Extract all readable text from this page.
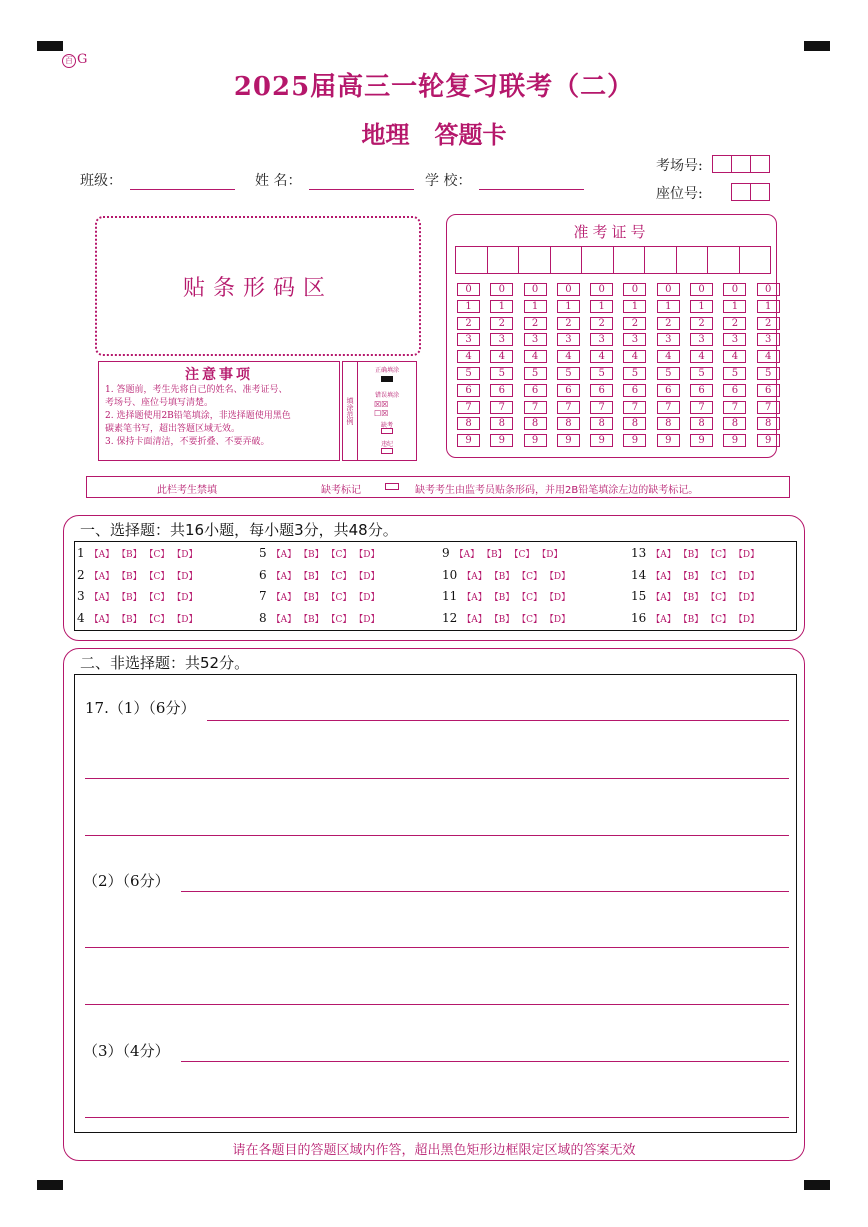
百 G
2025届高三一轮复习联考（二）
地理   答题卡
班级：	姓 名：	学 校：
考场号:
座位号:
贴条形码区
注意事项

1. 答题前，考生先将自己的姓名、准考证号、

考场号、座位号填写清楚。

2. 选择题使用2B铅笔填涂，非选择题使用黑色

碳素笔书写，超出答题区域无效。

3. 保持卡面清洁，不要折叠、不要弄破。

填涂范例
正确填涂
错误填涂
☒☒
☐☒
缺考
违纪
准考证号
0	0	0	0	0	0	0	0	0	0
1	1	1	1	1	1	1	1	1	1
2	2	2	2	2	2	2	2	2	2
3	3	3	3	3	3	3	3	3	3
4	4	4	4	4	4	4	4	4	4
5	5	5	5	5	5	5	5	5	5
6	6	6	6	6	6	6	6	6	6
7	7	7	7	7	7	7	7	7	7
8	8	8	8	8	8	8	8	8	8
9	9	9	9	9	9	9	9	9	9
此栏考生禁填	缺考标记	缺考考生由监考员贴条形码，并用2B铅笔填涂左边的缺考标记。
一、选择题：共16小题，每小题3分，共48分。
1 【A】 【B】 【C】 【D】
2 【A】 【B】 【C】 【D】
3 【A】 【B】 【C】 【D】
4 【A】 【B】 【C】 【D】
5 【A】 【B】 【C】 【D】
6 【A】 【B】 【C】 【D】
7 【A】 【B】 【C】 【D】
8 【A】 【B】 【C】 【D】
9 【A】 【B】 【C】 【D】
10 【A】 【B】 【C】 【D】
11 【A】 【B】 【C】 【D】
12 【A】 【B】 【C】 【D】
13 【A】 【B】 【C】 【D】
14 【A】 【B】 【C】 【D】
15 【A】 【B】 【C】 【D】
16 【A】 【B】 【C】 【D】
二、非选择题：共52分。
17.（1）（6分）
（2）（6分）
（3）（4分）
请在各题目的答题区域内作答，超出黑色矩形边框限定区域的答案无效
